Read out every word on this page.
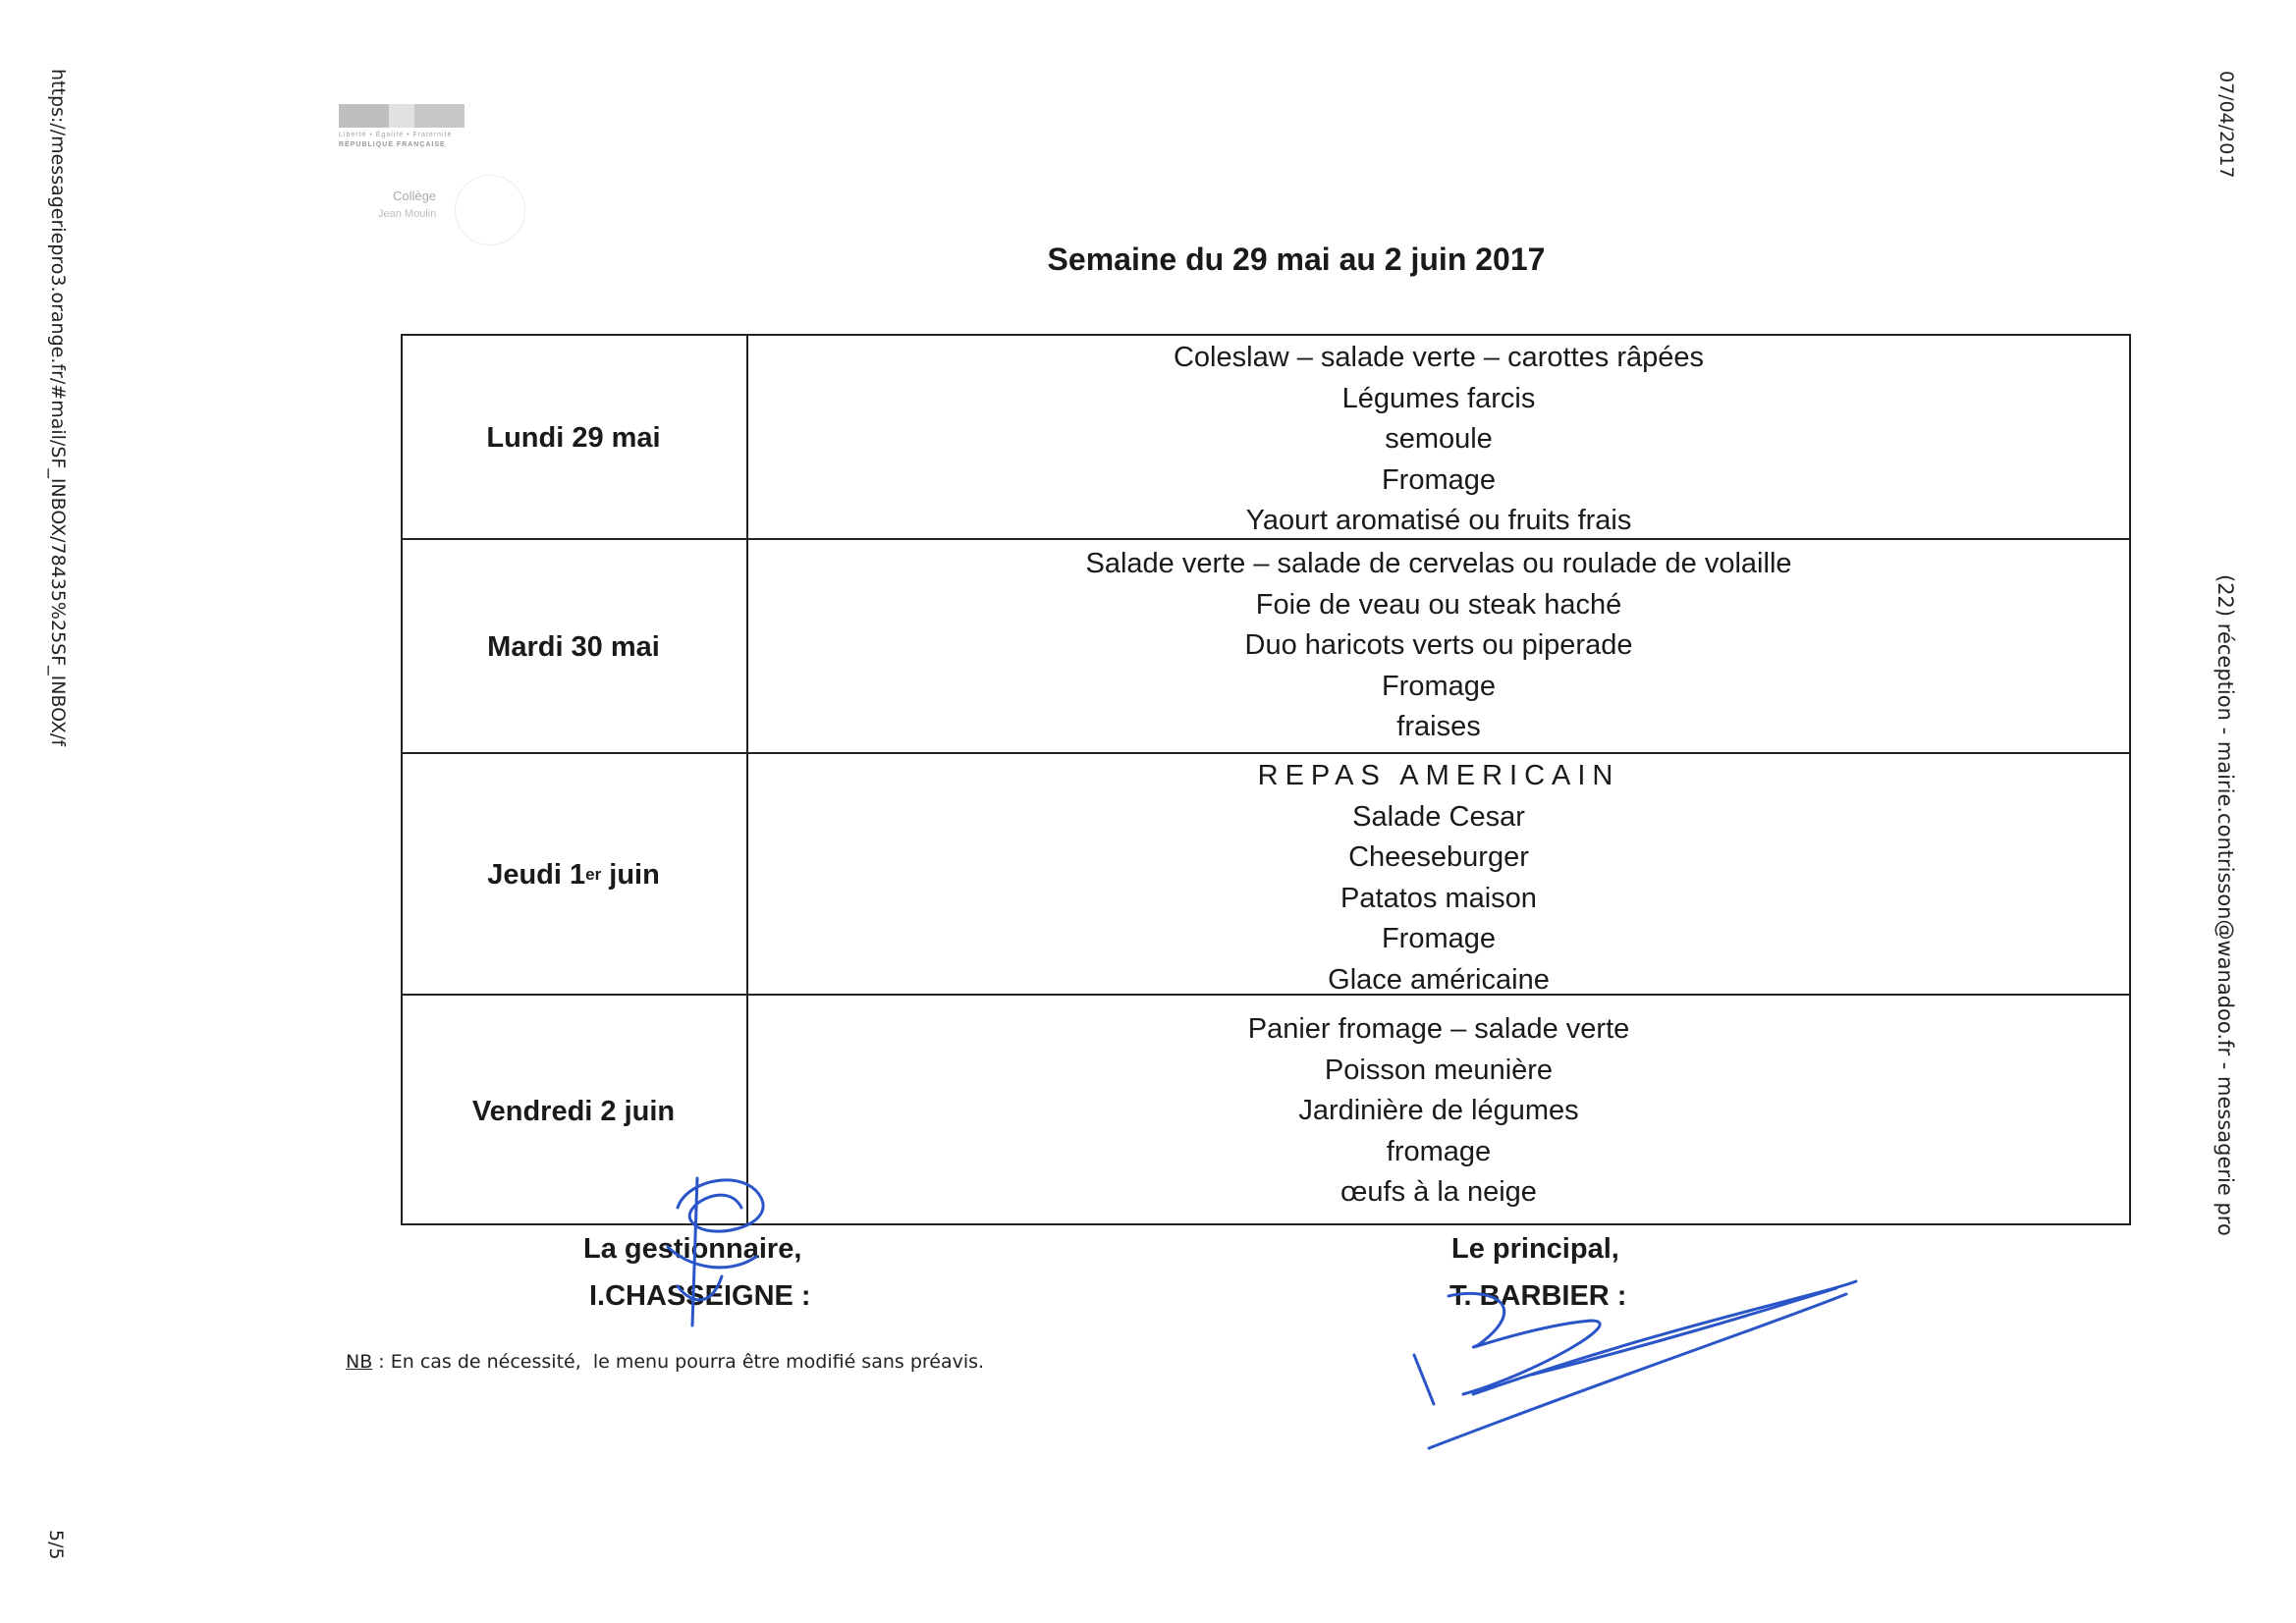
https://messageriepro3.orange.fr/#mail/SF_INBOX/78435%25SF_INBOX/f	07/04/2017
(22) réception - mairie.contrisson@wanadoo.fr - messagerie pro
5/5
Liberté • Égalité • Fraternité
RÉPUBLIQUE FRANÇAISE
Collège
Jean Moulin
Semaine du 29 mai au 2 juin 2017
Lundi 29 mai
Coleslaw – salade verte – carottes râpées
Légumes farcis
semoule
Fromage
Yaourt aromatisé ou fruits frais
Mardi 30 mai
Salade verte – salade de cervelas ou roulade de volaille
Foie de veau ou steak haché
Duo haricots verts ou piperade
Fromage
fraises
Jeudi 1 er juin
REPAS AMERICAIN
Salade Cesar
Cheeseburger
Patatos maison
Fromage
Glace américaine
Vendredi 2 juin
Panier fromage – salade verte
Poisson meunière
Jardinière de légumes
fromage
œufs à la neige
La gestionnaire,
I.CHASSEIGNE :
Le principal,
T. BARBIER :
NB : En cas de nécessité,  le menu pourra être modifié sans préavis.
